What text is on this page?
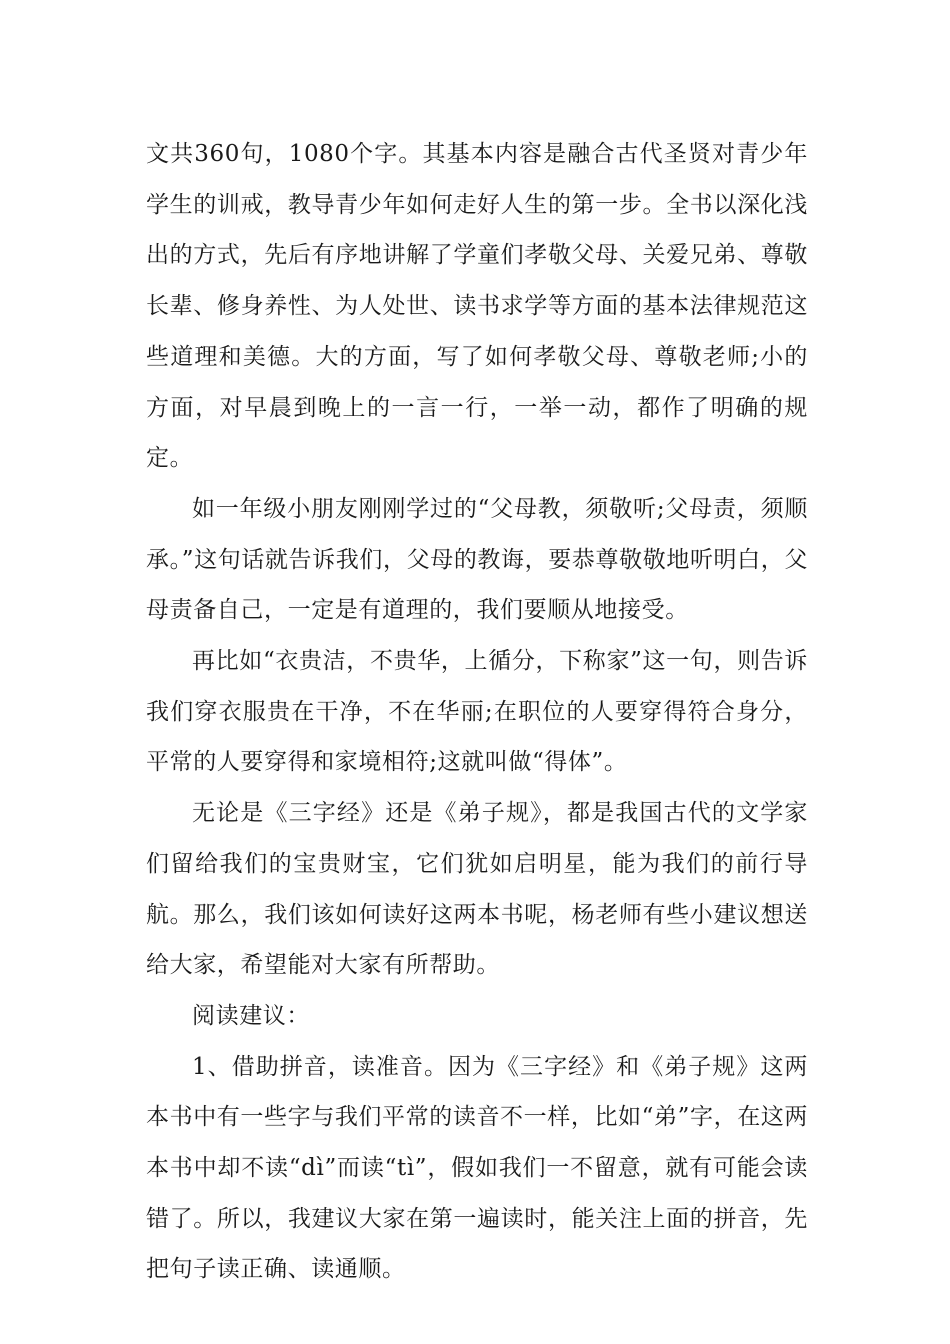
文共360句，1080个字。其基本内容是融合古代圣贤对青少年学生的训戒，教导青少年如何走好人生的第一步。全书以深化浅出的方式，先后有序地讲解了学童们孝敬父母、关爱兄弟、尊敬长辈、修身养性、为人处世、读书求学等方面的基本法律规范这些道理和美德。大的方面，写了如何孝敬父母、尊敬老师;小的方面，对早晨到晚上的一言一行，一举一动，都作了明确的规定。

如一年级小朋友刚刚学过的“父母教，须敬听;父母责，须顺承。”这句话就告诉我们，父母的教诲，要恭尊敬敬地听明白，父母责备自己，一定是有道理的，我们要顺从地接受。

再比如“衣贵洁，不贵华，上循分，下称家”这一句，则告诉我们穿衣服贵在干净，不在华丽;在职位的人要穿得符合身分，平常的人要穿得和家境相符;这就叫做“得体”。

无论是《三字经》还是《弟子规》，都是我国古代的文学家们留给我们的宝贵财宝，它们犹如启明星，能为我们的前行导航。那么，我们该如何读好这两本书呢，杨老师有些小建议想送给大家，希望能对大家有所帮助。

阅读建议：

1、借助拼音，读准音。因为《三字经》和《弟子规》这两本书中有一些字与我们平常的读音不一样，比如“弟”字，在这两本书中却不读“dì”而读“tì”，假如我们一不留意，就有可能会读错了。所以，我建议大家在第一遍读时，能关注上面的拼音，先把句子读正确、读通顺。
